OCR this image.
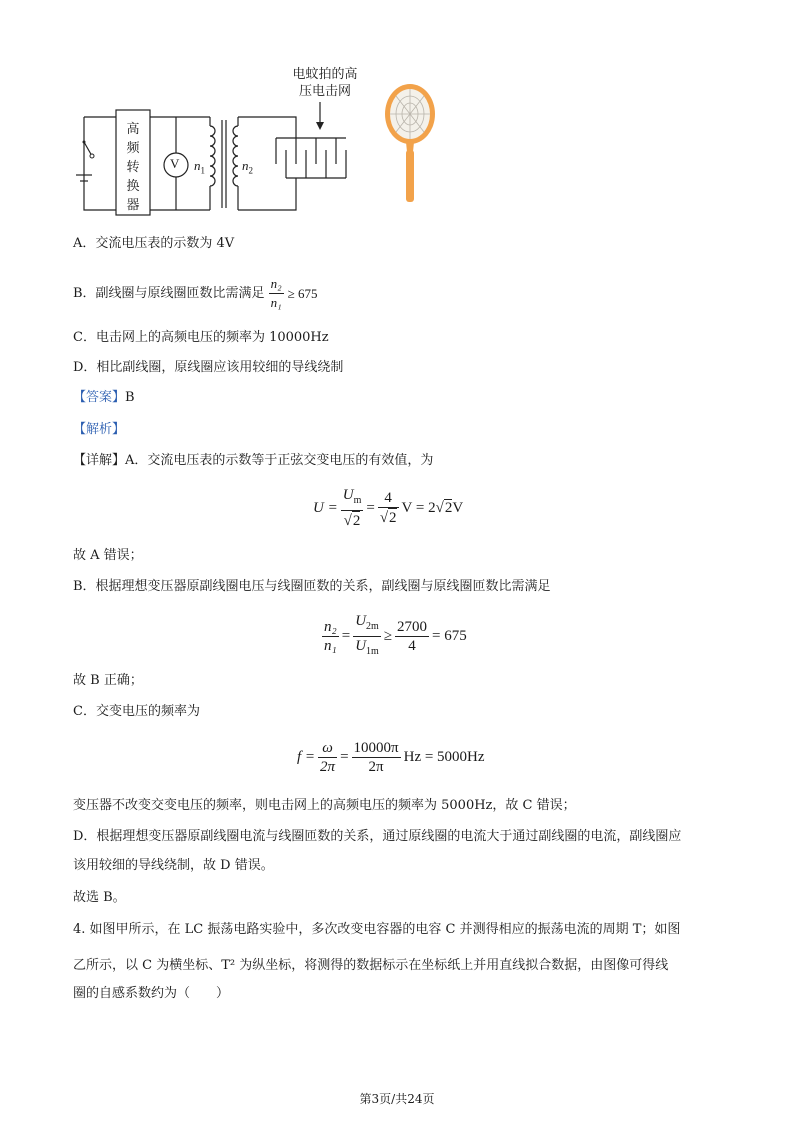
高
频
转
换
器
V $n_1$	$n_2$
电蚊拍的高
压电击网
A．交流电压表的示数为 4V
B．副线圈与原线圈匝数比需满足 $\frac{\text{n₂}}{\text{n₁}} \ge 675$
C．电击网上的高频电压的频率为 10000Hz
D．相比副线圈，原线圈应该用较细的导线绕制
【答案】B
【解析】
【详解】A．交流电压表的示数等于正弦交变电压的有效值，为
$U = \frac{U_m}{√2} = \frac{4}{√2}$ V = 2 √ 2 V
故 A 错误；
B．根据理想变压器原副线圈电压与线圈匝数的关系，副线圈与原线圈匝数比需满足
$\frac{\text{n₂}}{\text{n₁}} = \frac{U_{2m}}{U_{1m}} \ge \frac{2700}{4} = 675$
故 B 正确；
C．交变电压的频率为
$f = \frac{\omega}{2\pi} = \frac{10000\pi}{2\pi}$ Hz = 5000Hz
变压器不改变交变电压的频率，则电击网上的高频电压的频率为 5000Hz，故 C 错误；
D．根据理想变压器原副线圈电流与线圈匝数的关系，通过原线圈的电流大于通过副线圈的电流，副线圈应
该用较细的导线绕制，故 D 错误。
故选 B。
4. 如图甲所示，在 LC 振荡电路实验中，多次改变电容器的电容 C 并测得相应的振荡电流的周期 T；如图
乙所示，以 C 为横坐标、T² 为纵坐标，将测得的数据标示在坐标纸上并用直线拟合数据，由图像可得线
圈的自感系数约为（　　）
第3页/共24页
